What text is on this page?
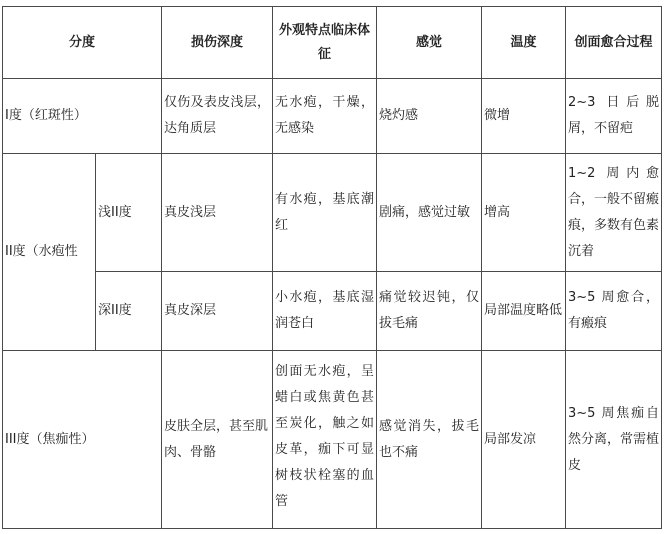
分度		损伤深度	外观特点临床体征	感觉	温度	创面愈合过程
I度（红斑性）		仅伤及表皮浅层，达角质层	无水疱，干燥，无感染	烧灼感	微增	2~3 日后脱屑，不留疤
II度（水疱性	浅II度	真皮浅层	有水疱，基底潮红	剧痛，感觉过敏	增高	1~2 周内愈合，一般不留瘢痕，多数有色素沉着
	深II度	真皮深层	小水疱，基底湿润苍白	痛觉较迟钝，仅拔毛痛	局部温度略低	3~5 周愈合，有瘢痕
III度（焦痂性）		皮肤全层，甚至肌肉、骨骼	创面无水疱，呈蜡白或焦黄色甚至炭化，触之如皮革，痂下可显树枝状栓塞的血管	感觉消失，拔毛也不痛	局部发凉	3~5 周焦痂自然分离，常需植皮
